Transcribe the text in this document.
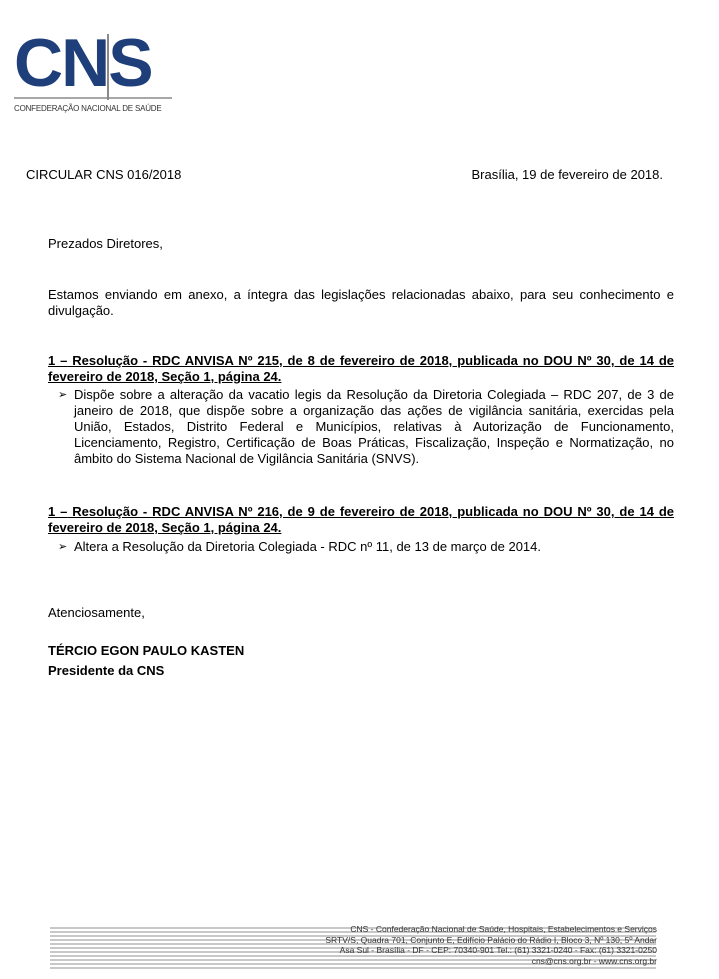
CNS
CONFEDERAÇÃO NACIONAL DE SAÚDE
CIRCULAR CNS 016/2018	Brasília, 19 de fevereiro de 2018.
Prezados Diretores,
Estamos enviando em anexo, a íntegra das legislações relacionadas abaixo, para seu conhecimento e divulgação.
1 – Resolução - RDC ANVISA Nº 215, de 8 de fevereiro de 2018, publicada no DOU Nº 30, de 14 de fevereiro de 2018, Seção 1, página 24.
➢ Dispõe sobre a alteração da vacatio legis da Resolução da Diretoria Colegiada – RDC 207, de 3 de janeiro de 2018, que dispõe sobre a organização das ações de vigilância sanitária, exercidas pela União, Estados, Distrito Federal e Municípios, relativas à Autorização de Funcionamento, Licenciamento, Registro, Certificação de Boas Práticas, Fiscalização, Inspeção e Normatização, no âmbito do Sistema Nacional de Vigilância Sanitária (SNVS).
1 – Resolução - RDC ANVISA Nº 216, de 9 de fevereiro de 2018, publicada no DOU Nº 30, de 14 de fevereiro de 2018, Seção 1, página 24.
➢ Altera a Resolução da Diretoria Colegiada - RDC nº 11, de 13 de março de 2014.
Atenciosamente,
TÉRCIO EGON PAULO KASTEN
Presidente da CNS
CNS - Confederação Nacional de Saúde, Hospitais, Estabelecimentos e Serviços
SRTV/S, Quadra 701, Conjunto E, Edifício Palácio do Rádio I, Bloco 3, Nº 130, 5º Andar
Asa Sul - Brasília - DF - CEP: 70340-901 Tel.: (61) 3321-0240 - Fax: (61) 3321-0250
cns@cns.org.br - www.cns.org.br
